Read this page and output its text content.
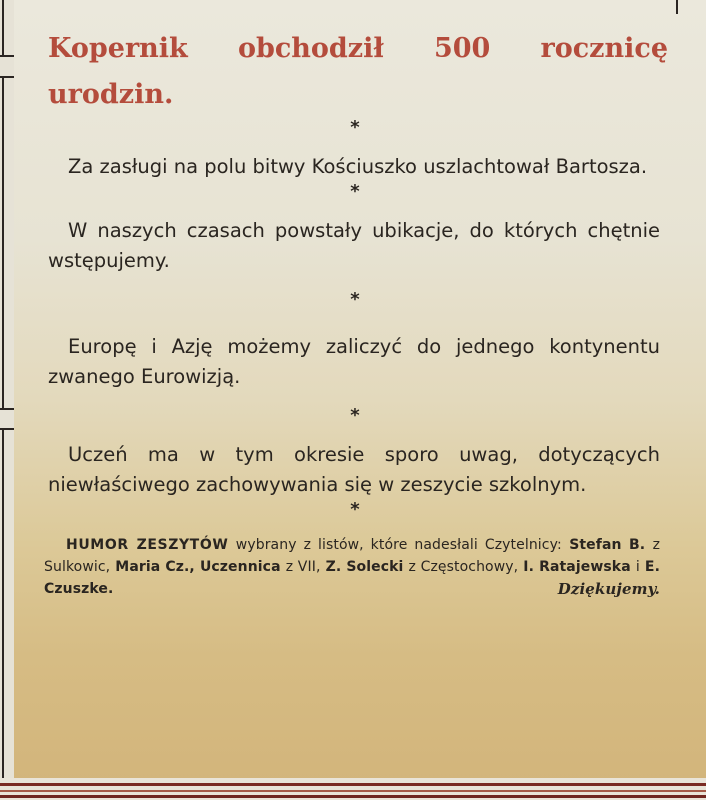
Kopernik obchodził 500 rocznicę urodzin.
*

Za zasługi na polu bitwy Kościuszko uszlachtował Bartosza.

*

W naszych czasach powstały ubikacje, do których chętnie wstępujemy.

*

Europę i Azję możemy zaliczyć do jednego kontynentu zwanego Eurowizją.

*

Uczeń ma w tym okresie sporo uwag, dotyczących niewłaściwego zachowywania się w zeszycie szkolnym.

*

HUMOR ZESZYTÓW wybrany z listów, które nadesłali Czytelnicy: Stefan B. z Sulkowic, Maria Cz., Uczennica z VII, Z. Solecki z Częstochowy, I. Ratajewska i E. Czuszke.	Dziękujemy.
